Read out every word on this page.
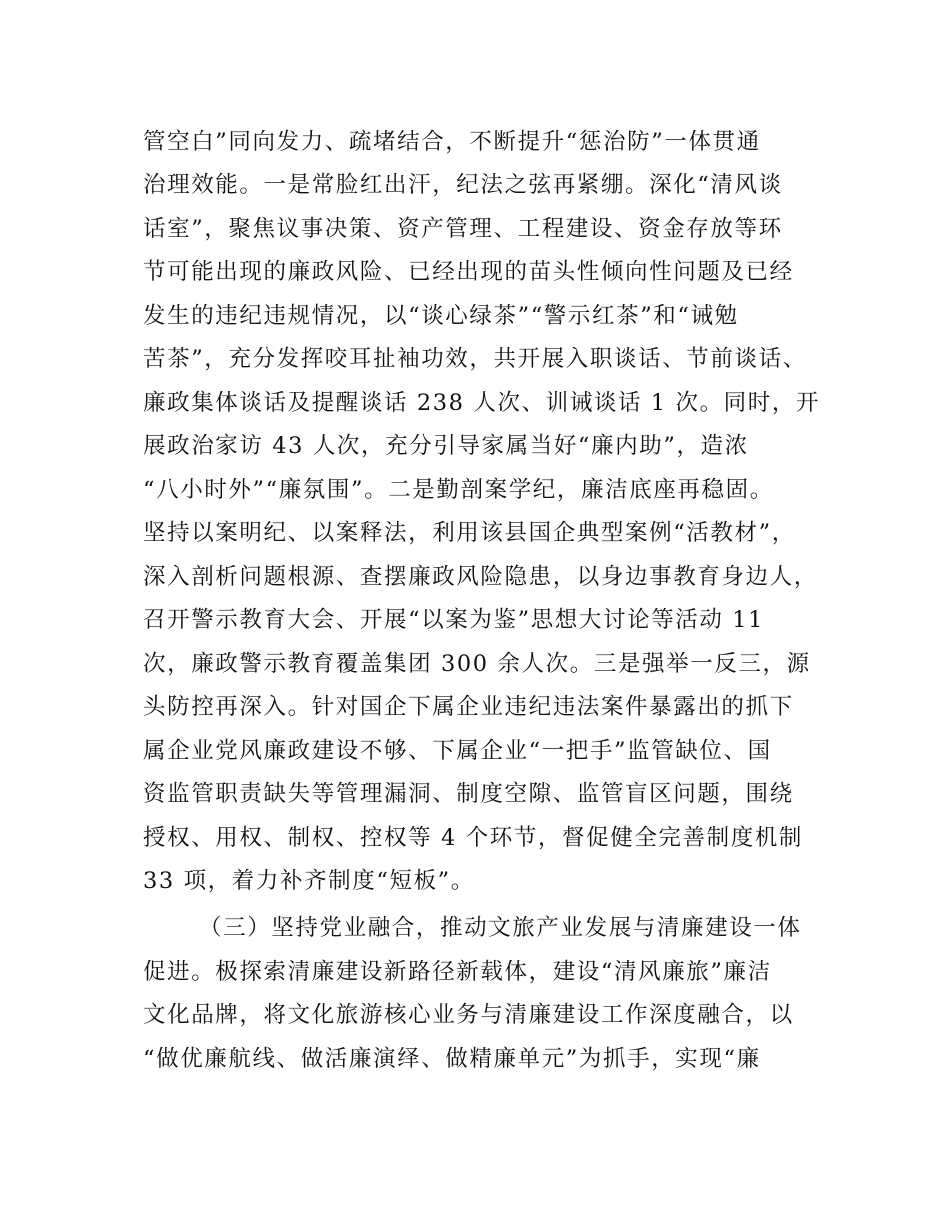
管空白”同向发力、疏堵结合，不断提升“惩治防”一体贯通
治理效能。一是常脸红出汗，纪法之弦再紧绷。深化“清风谈
话室”，聚焦议事决策、资产管理、工程建设、资金存放等环
节可能出现的廉政风险、已经出现的苗头性倾向性问题及已经
发生的违纪违规情况，以“谈心绿茶”“警示红茶”和“诫勉
苦茶”，充分发挥咬耳扯袖功效，共开展入职谈话、节前谈话、
廉政集体谈话及提醒谈话 238 人次、训诫谈话 1 次。同时，开
展政治家访 43 人次，充分引导家属当好“廉内助”，造浓
“八小时外”“廉氛围”。二是勤剖案学纪，廉洁底座再稳固。
坚持以案明纪、以案释法，利用该县国企典型案例“活教材”，
深入剖析问题根源、查摆廉政风险隐患，以身边事教育身边人，
召开警示教育大会、开展“以案为鉴”思想大讨论等活动 11
次，廉政警示教育覆盖集团 300 余人次。三是强举一反三，源
头防控再深入。针对国企下属企业违纪违法案件暴露出的抓下
属企业党风廉政建设不够、下属企业“一把手”监管缺位、国
资监管职责缺失等管理漏洞、制度空隙、监管盲区问题，围绕
授权、用权、制权、控权等 4 个环节，督促健全完善制度机制
33 项，着力补齐制度“短板”。
（三）坚持党业融合，推动文旅产业发展与清廉建设一体
促进。极探索清廉建设新路径新载体，建设“清风廉旅”廉洁
文化品牌，将文化旅游核心业务与清廉建设工作深度融合，以
“做优廉航线、做活廉演绎、做精廉单元”为抓手，实现“廉
